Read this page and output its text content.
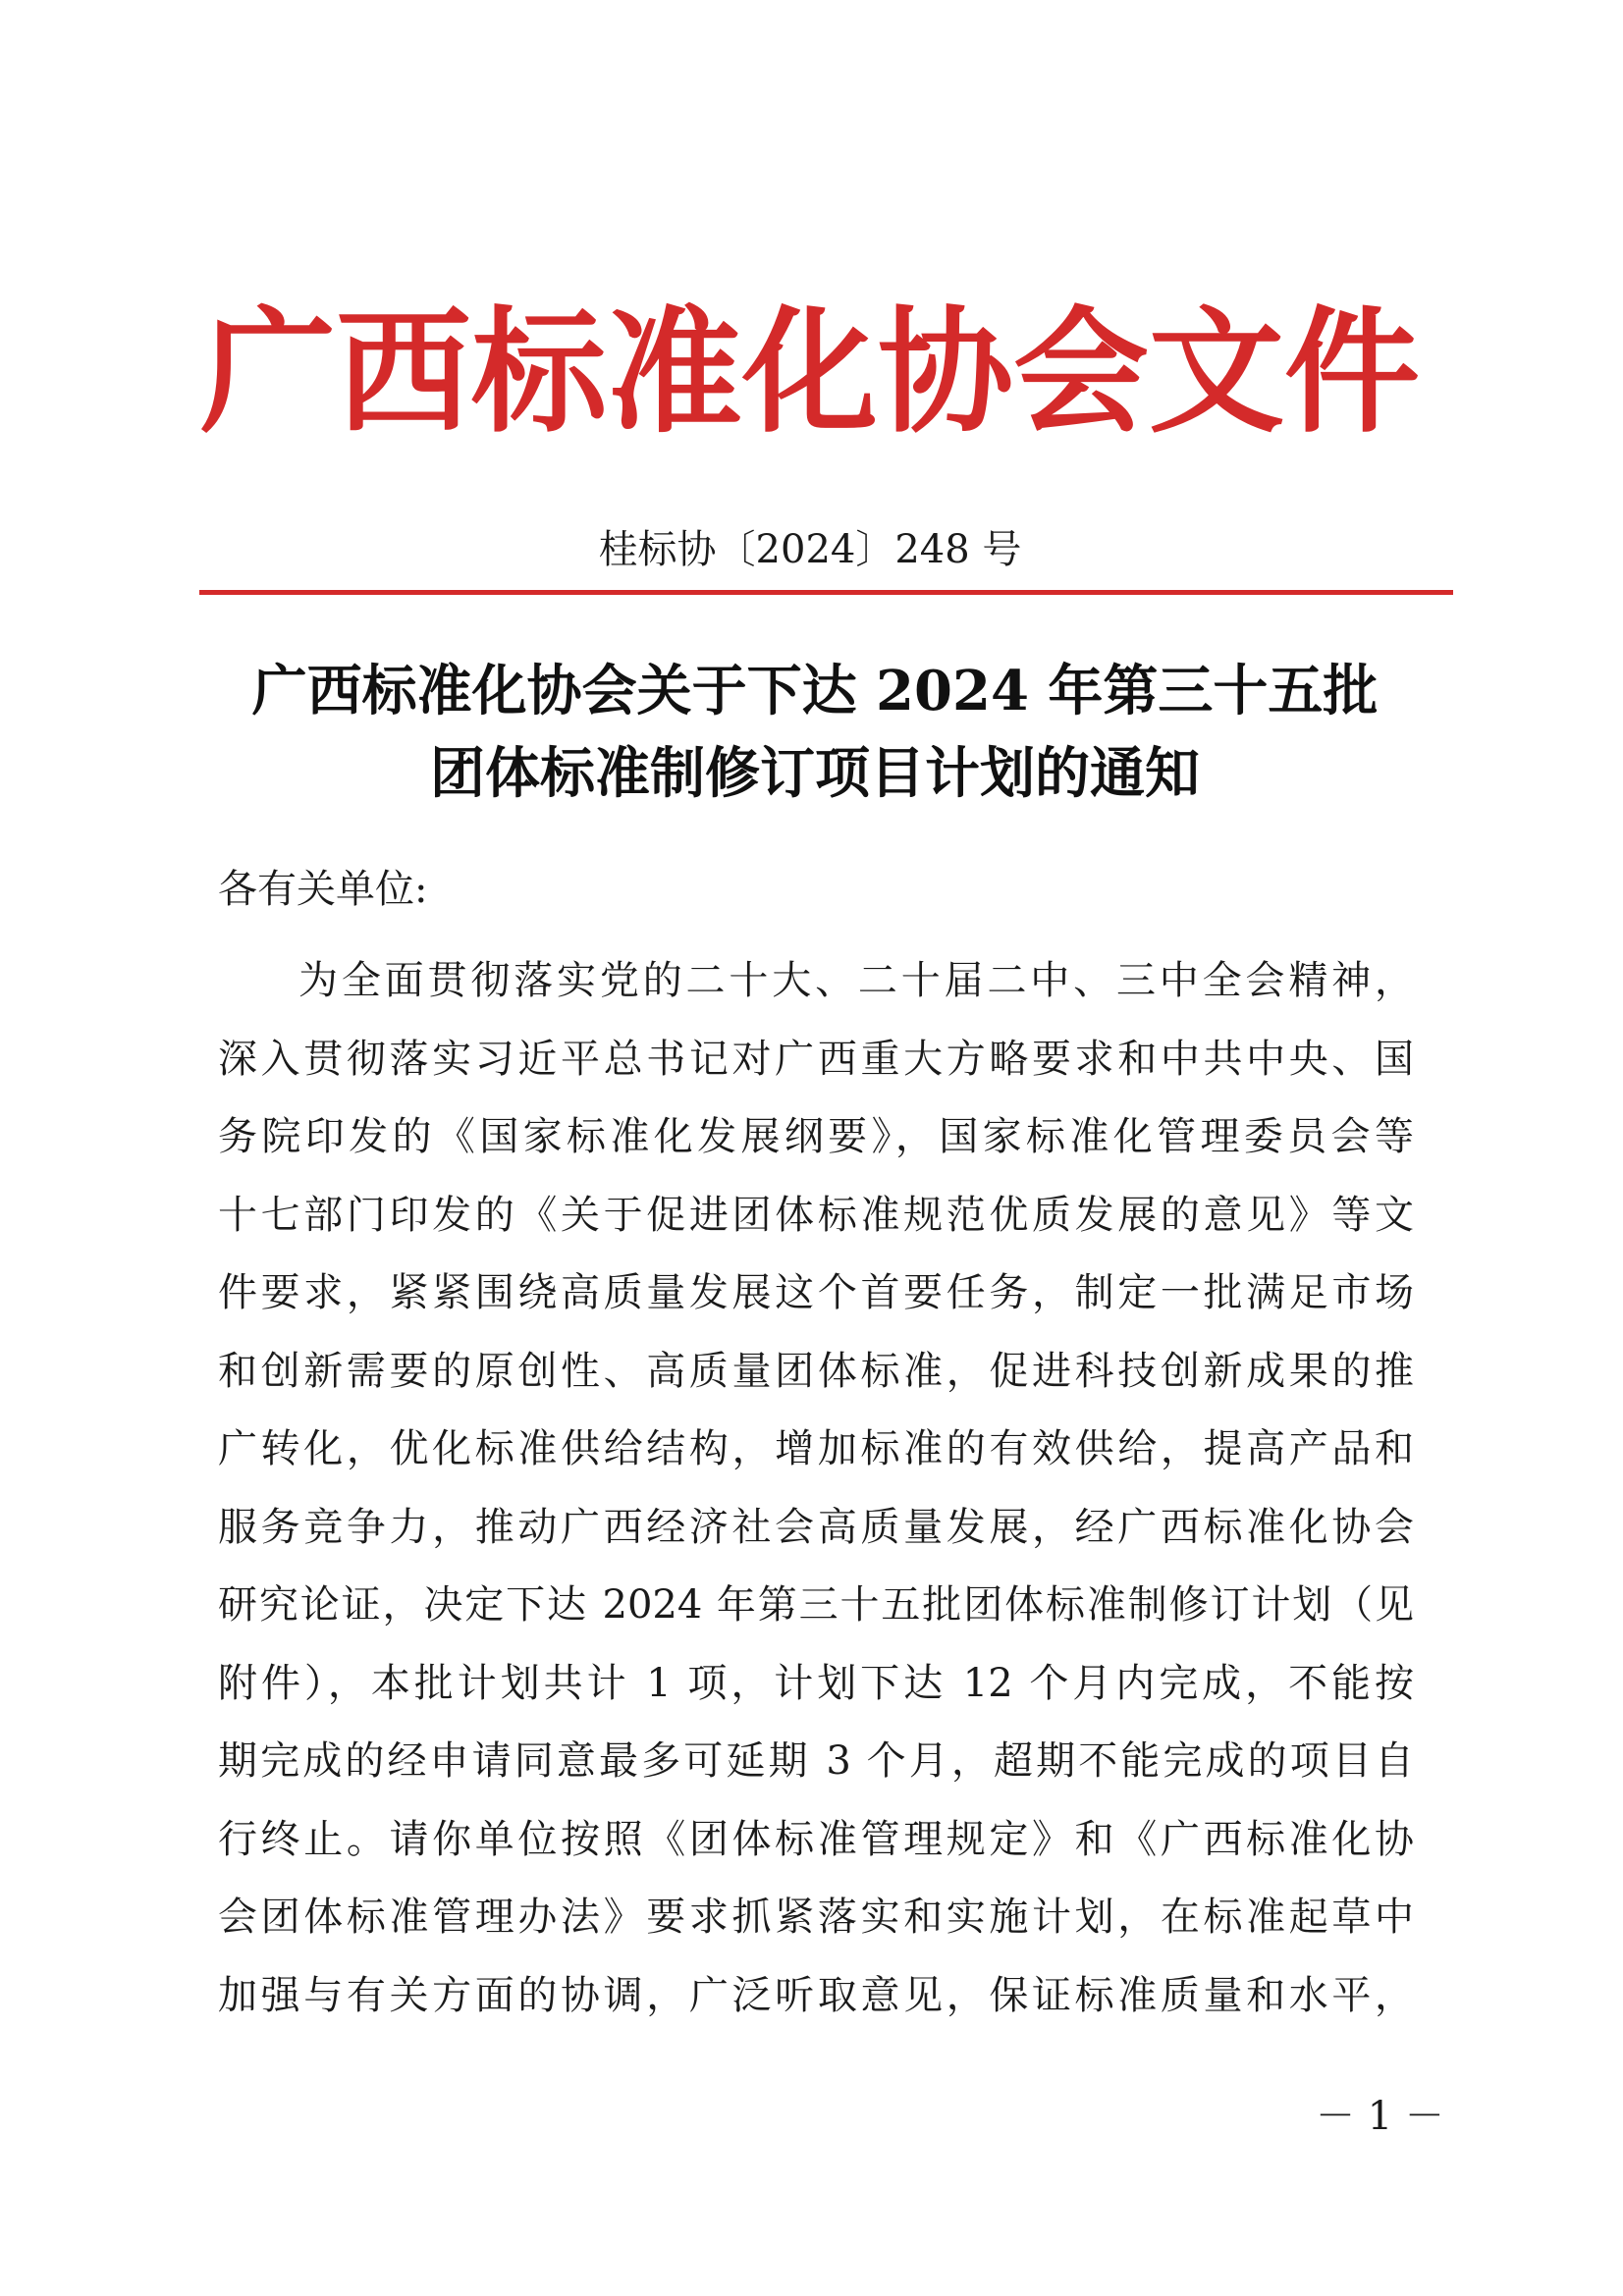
广西标准化协会文件
桂标协〔2024〕248 号
广西标准化协会关于下达 2024 年第三十五批
团体标准制修订项目计划的通知
各有关单位:
为全面贯彻落实党的二十大、二十届二中、三中全会精神，
深入贯彻落实习近平总书记对广西重大方略要求和中共中央、国
务院印发的《国家标准化发展纲要》，国家标准化管理委员会等
十七部门印发的《关于促进团体标准规范优质发展的意见》等文
件要求，紧紧围绕高质量发展这个首要任务，制定一批满足市场
和创新需要的原创性、高质量团体标准，促进科技创新成果的推
广转化，优化标准供给结构，增加标准的有效供给，提高产品和
服务竞争力，推动广西经济社会高质量发展，经广西标准化协会
研究论证，决定下达 2024 年第三十五批团体标准制修订计划（见
附件），本批计划共计 1 项，计划下达 12 个月内完成，不能按
期完成的经申请同意最多可延期 3 个月，超期不能完成的项目自
行终止。请你单位按照《团体标准管理规定》和《广西标准化协
会团体标准管理办法》要求抓紧落实和实施计划，在标准起草中
加强与有关方面的协调，广泛听取意见，保证标准质量和水平，
－ 1 －
